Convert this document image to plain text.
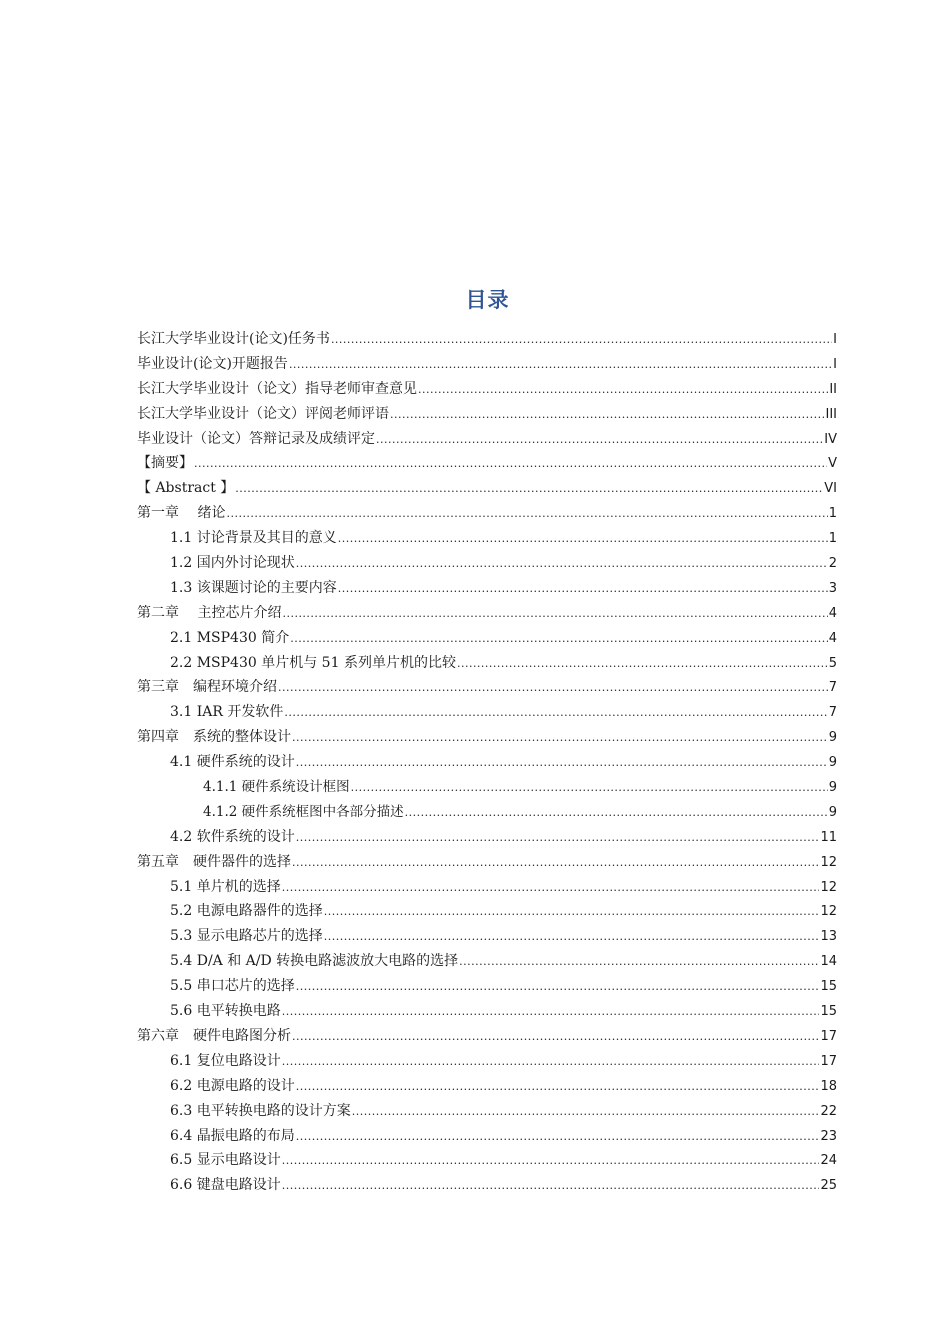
目录
长江大学毕业设计(论文)任务书 .....	I
毕业设计(论文)开题报告 .....	I
长江大学毕业设计（论文）指导老师审查意见 .....	II
长江大学毕业设计（论文）评阅老师评语 .....	III
毕业设计（论文）答辩记录及成绩评定 .....	IV
【摘要】 .....	V
【 Abstract 】 .....	VI
第一章　 绪论 .....	1
1.1 讨论背景及其目的意义 .....	1
1.2 国内外讨论现状 .....	2
1.3 该课题讨论的主要内容 .....	3
第二章　 主控芯片介绍 .....	4
2.1 MSP430 简介 .....	4
2.2 MSP430 单片机与 51 系列单片机的比较 .....	5
第三章　编程环境介绍 .....	7
3.1 IAR 开发软件 .....	7
第四章　系统的整体设计 .....	9
4.1 硬件系统的设计 .....	9
4.1.1 硬件系统设计框图 .....	9
4.1.2 硬件系统框图中各部分描述 .....	9
4.2 软件系统的设计 .....	11
第五章　硬件器件的选择 .....	12
5.1 单片机的选择 .....	12
5.2 电源电路器件的选择 .....	12
5.3 显示电路芯片的选择 .....	13
5.4 D/A 和 A/D 转换电路滤波放大电路的选择 .....	14
5.5 串口芯片的选择 .....	15
5.6 电平转换电路 .....	15
第六章　硬件电路图分析 .....	17
6.1 复位电路设计 .....	17
6.2 电源电路的设计 .....	18
6.3 电平转换电路的设计方案 .....	22
6.4 晶振电路的布局 .....	23
6.5 显示电路设计 .....	24
6.6 键盘电路设计 .....	25
